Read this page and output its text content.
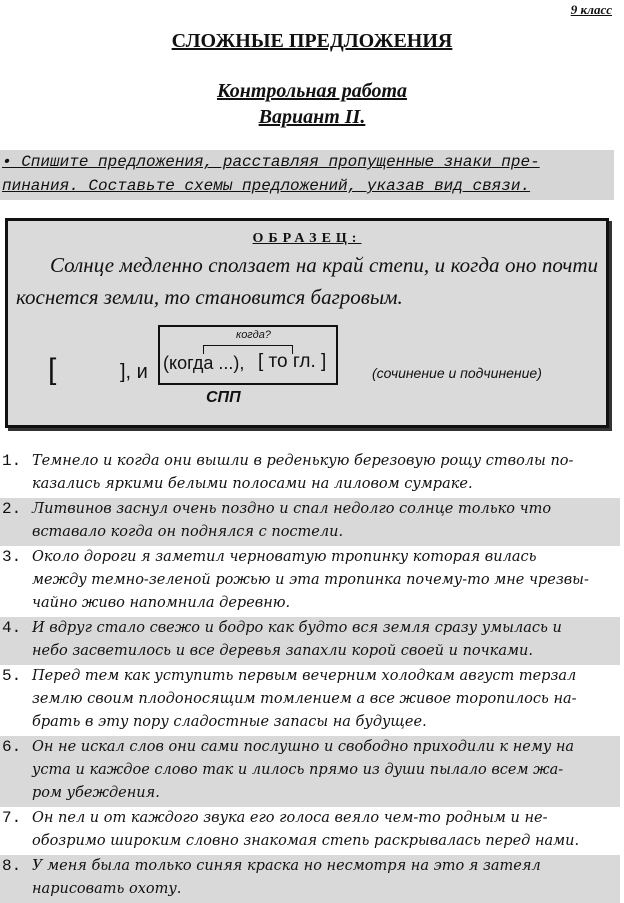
9 класс
СЛОЖНЫЕ ПРЕДЛОЖЕНИЯ
Контрольная работа
Вариант II.
• Спишите предложения, расставляя пропущенные знаки пре-
пинания. Составьте схемы предложений, указав вид связи.
ОБРАЗЕЦ:
Солнце медленно сползает на край степи, и когда оно почти коснется земли, то становится багровым.
[	], и
когда?
(когда ...), [ то гл. ]
(сочинение и подчинение)
СПП
1. Темнело и когда они вышли в реденькую березовую рощу стволы по-
казались яркими белыми полосами на лиловом сумраке.
2. Литвинов заснул очень поздно и спал недолго солнце только что
вставало когда он поднялся с постели.
3. Около дороги я заметил черноватую тропинку которая вилась
между темно-зеленой рожью и эта тропинка почему-то мне чрезвы-
чайно живо напомнила деревню.
4. И вдруг стало свежо и бодро как будто вся земля сразу умылась и
небо засветилось и все деревья запахли корой своей и почками.
5. Перед тем как уступить первым вечерним холодкам август терзал
землю своим плодоносящим томлением а все живое торопилось на-
брать в эту пору сладостные запасы на будущее.
6. Он не искал слов они сами послушно и свободно приходили к нему на
уста и каждое слово так и лилось прямо из души пылало всем жа-
ром убеждения.
7. Он пел и от каждого звука его голоса веяло чем-то родным и не-
обозримо широким словно знакомая степь раскрывалась перед нами.
8. У меня была только синяя краска но несмотря на это я затеял
нарисовать охоту.
